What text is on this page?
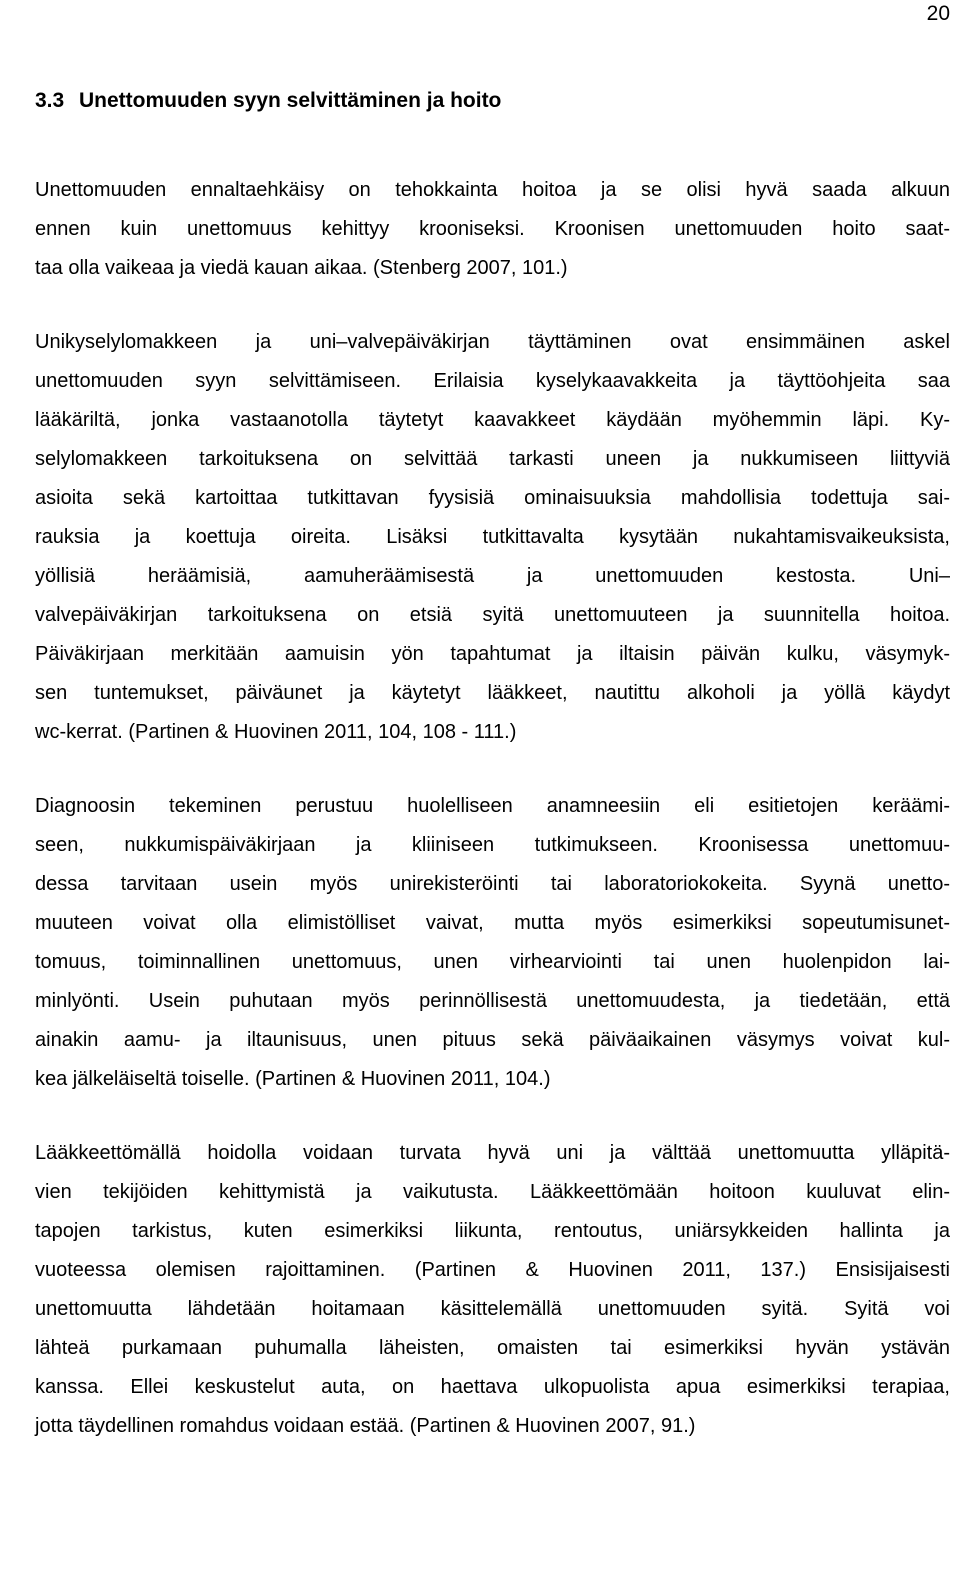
20
3.3 Unettomuuden syyn selvittäminen ja hoito
Unettomuuden ennaltaehkäisy on tehokkainta hoitoa ja se olisi hyvä saada alkuun
ennen kuin unettomuus kehittyy krooniseksi. Kroonisen unettomuuden hoito saat-
taa olla vaikeaa ja viedä kauan aikaa. (Stenberg 2007, 101.)
Unikyselylomakkeen ja uni–valvepäiväkirjan täyttäminen ovat ensimmäinen askel
unettomuuden syyn selvittämiseen. Erilaisia kyselykaavakkeita ja täyttöohjeita saa
lääkäriltä, jonka vastaanotolla täytetyt kaavakkeet käydään myöhemmin läpi. Ky-
selylomakkeen tarkoituksena on selvittää tarkasti uneen ja nukkumiseen liittyviä
asioita sekä kartoittaa tutkittavan fyysisiä ominaisuuksia mahdollisia todettuja sai-
rauksia ja koettuja oireita. Lisäksi tutkittavalta kysytään nukahtamisvaikeuksista,
yöllisiä heräämisiä, aamuheräämisestä ja unettomuuden kestosta. Uni–
valvepäiväkirjan tarkoituksena on etsiä syitä unettomuuteen ja suunnitella hoitoa.
Päiväkirjaan merkitään aamuisin yön tapahtumat ja iltaisin päivän kulku, väsymyk-
sen tuntemukset, päiväunet ja käytetyt lääkkeet, nautittu alkoholi ja yöllä käydyt
wc-kerrat. (Partinen & Huovinen 2011, 104, 108 - 111.)
Diagnoosin tekeminen perustuu huolelliseen anamneesiin eli esitietojen keräämi-
seen, nukkumispäiväkirjaan ja kliiniseen tutkimukseen. Kroonisessa unettomuu-
dessa tarvitaan usein myös unirekisteröinti tai laboratoriokokeita. Syynä unetto-
muuteen voivat olla elimistölliset vaivat, mutta myös esimerkiksi sopeutumisunet-
tomuus, toiminnallinen unettomuus, unen virhearviointi tai unen huolenpidon lai-
minlyönti. Usein puhutaan myös perinnöllisestä unettomuudesta, ja tiedetään, että
ainakin aamu- ja iltaunisuus, unen pituus sekä päiväaikainen väsymys voivat kul-
kea jälkeläiseltä toiselle. (Partinen & Huovinen 2011, 104.)
Lääkkeettömällä hoidolla voidaan turvata hyvä uni ja välttää unettomuutta ylläpitä-
vien tekijöiden kehittymistä ja vaikutusta. Lääkkeettömään hoitoon kuuluvat elin-
tapojen tarkistus, kuten esimerkiksi liikunta, rentoutus, uniärsykkeiden hallinta ja
vuoteessa olemisen rajoittaminen. (Partinen & Huovinen 2011, 137.) Ensisijaisesti
unettomuutta lähdetään hoitamaan käsittelemällä unettomuuden syitä. Syitä voi
lähteä purkamaan puhumalla läheisten, omaisten tai esimerkiksi hyvän ystävän
kanssa. Ellei keskustelut auta, on haettava ulkopuolista apua esimerkiksi terapiaa,
jotta täydellinen romahdus voidaan estää. (Partinen & Huovinen 2007, 91.)
